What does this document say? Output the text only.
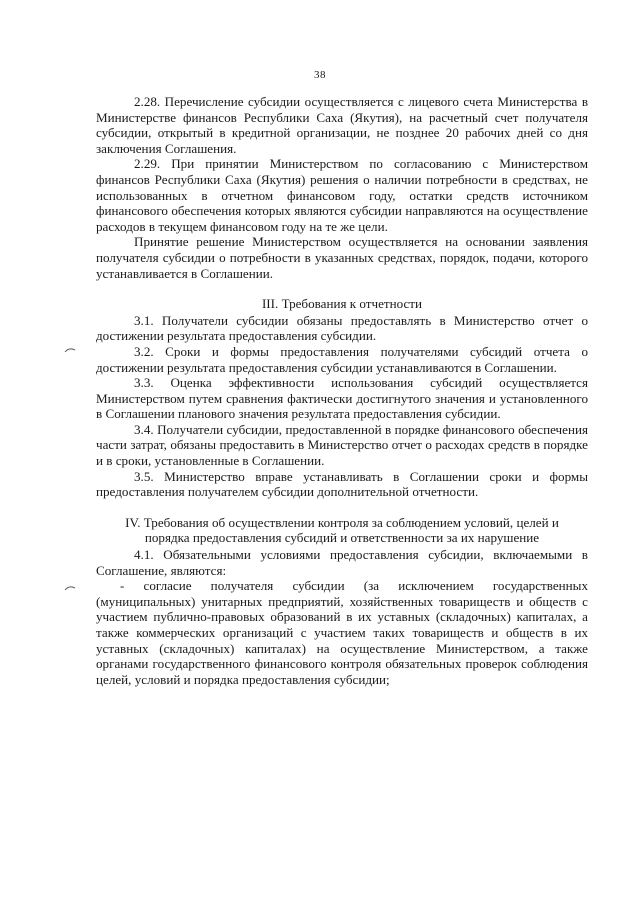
38

2.28. Перечисление субсидии осуществляется с лицевого счета Министерства в Министерстве финансов Республики Саха (Якутия), на расчетный счет получателя субсидии, открытый в кредитной организации, не позднее 20 рабочих дней со дня заключения Соглашения.

2.29. При принятии Министерством по согласованию с Министерством финансов Республики Саха (Якутия) решения о наличии потребности в средствах, не использованных в отчетном финансовом году, остатки средств источником финансового обеспечения которых являются субсидии направляются на осуществление расходов в текущем финансовом году на те же цели.

Принятие решение Министерством осуществляется на основании заявления получателя субсидии о потребности в указанных средствах, порядок, подачи, которого устанавливается в Соглашении.

III. Требования к отчетности

3.1. Получатели субсидии обязаны предоставлять в Министерство отчет о достижении результата предоставления субсидии.

3.2. Сроки и формы предоставления получателями субсидий отчета о достижении результата предоставления субсидии устанавливаются в Соглашении.

3.3. Оценка эффективности использования субсидий осуществляется Министерством путем сравнения фактически достигнутого значения и установленного в Соглашении планового значения результата предоставления субсидии.

3.4. Получатели субсидии, предоставленной в порядке финансового обеспечения части затрат, обязаны предоставить в Министерство отчет о расходах средств в порядке и в сроки, установленные в Соглашении.

3.5. Министерство вправе устанавливать в Соглашении сроки и формы предоставления получателем субсидии дополнительной отчетности.

IV. Требования об осуществлении контроля за соблюдением условий, целей и порядка предоставления субсидий и ответственности за их нарушение

4.1. Обязательными условиями предоставления субсидии, включаемыми в Соглашение, являются:

- согласие получателя субсидии (за исключением государственных (муниципальных) унитарных предприятий, хозяйственных товариществ и обществ с участием публично-правовых образований в их уставных (складочных) капиталах, а также коммерческих организаций с участием таких товариществ и обществ в их уставных (складочных) капиталах) на осуществление Министерством, а также органами государственного финансового контроля обязательных проверок соблюдения целей, условий и порядка предоставления субсидии;
